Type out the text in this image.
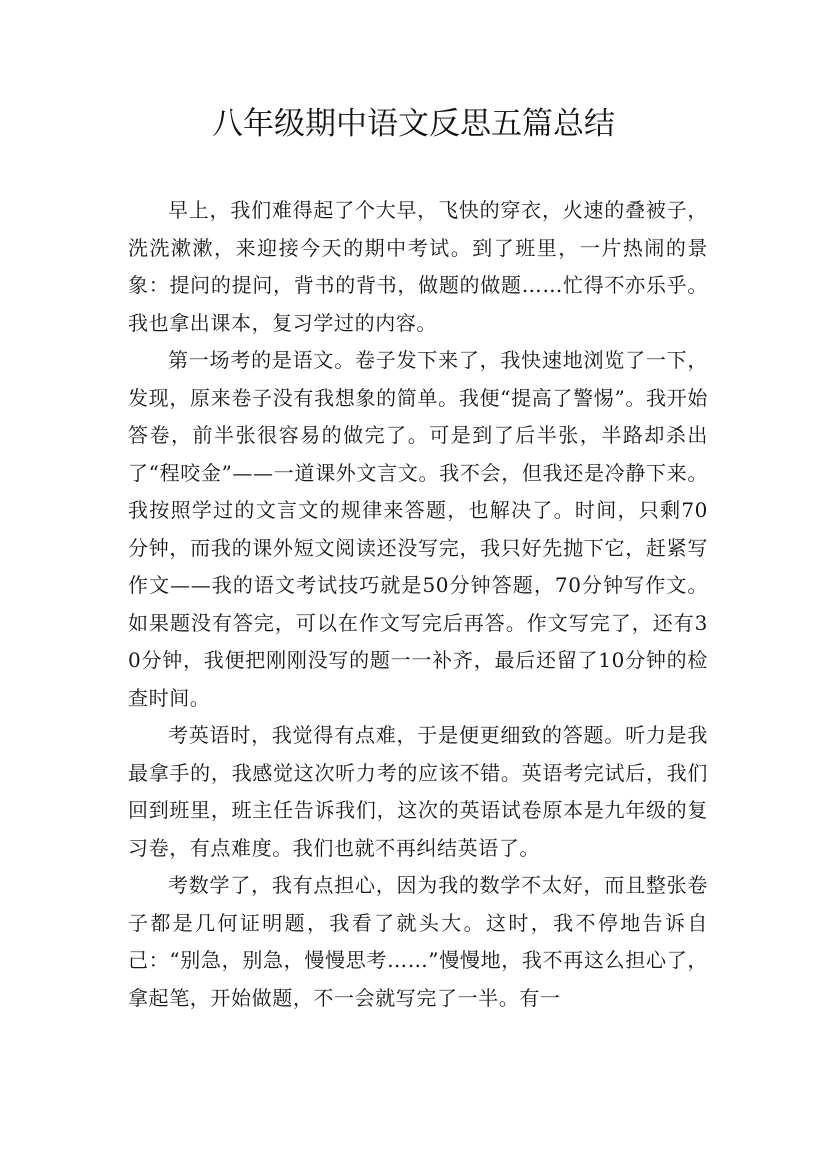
八年级期中语文反思五篇总结

早上，我们难得起了个大早，飞快的穿衣，火速的叠被子，洗洗漱漱，来迎接今天的期中考试。到了班里，一片热闹的景象：提问的提问，背书的背书，做题的做题……忙得不亦乐乎。我也拿出课本，复习学过的内容。

第一场考的是语文。卷子发下来了，我快速地浏览了一下，发现，原来卷子没有我想象的简单。我便“提高了警惕”。我开始答卷，前半张很容易的做完了。可是到了后半张，半路却杀出了“程咬金”——一道课外文言文。我不会，但我还是冷静下来。我按照学过的文言文的规律来答题，也解决了。时间，只剩70分钟，而我的课外短文阅读还没写完，我只好先抛下它，赶紧写作文——我的语文考试技巧就是50分钟答题，70分钟写作文。如果题没有答完，可以在作文写完后再答。作文写完了，还有30分钟，我便把刚刚没写的题一一补齐，最后还留了10分钟的检查时间。

考英语时，我觉得有点难，于是便更细致的答题。听力是我最拿手的，我感觉这次听力考的应该不错。英语考完试后，我们回到班里，班主任告诉我们，这次的英语试卷原本是九年级的复习卷，有点难度。我们也就不再纠结英语了。

考数学了，我有点担心，因为我的数学不太好，而且整张卷子都是几何证明题，我看了就头大。这时，我不停地告诉自己：“别急，别急，慢慢思考……”慢慢地，我不再这么担心了，拿起笔，开始做题，不一会就写完了一半。有一
